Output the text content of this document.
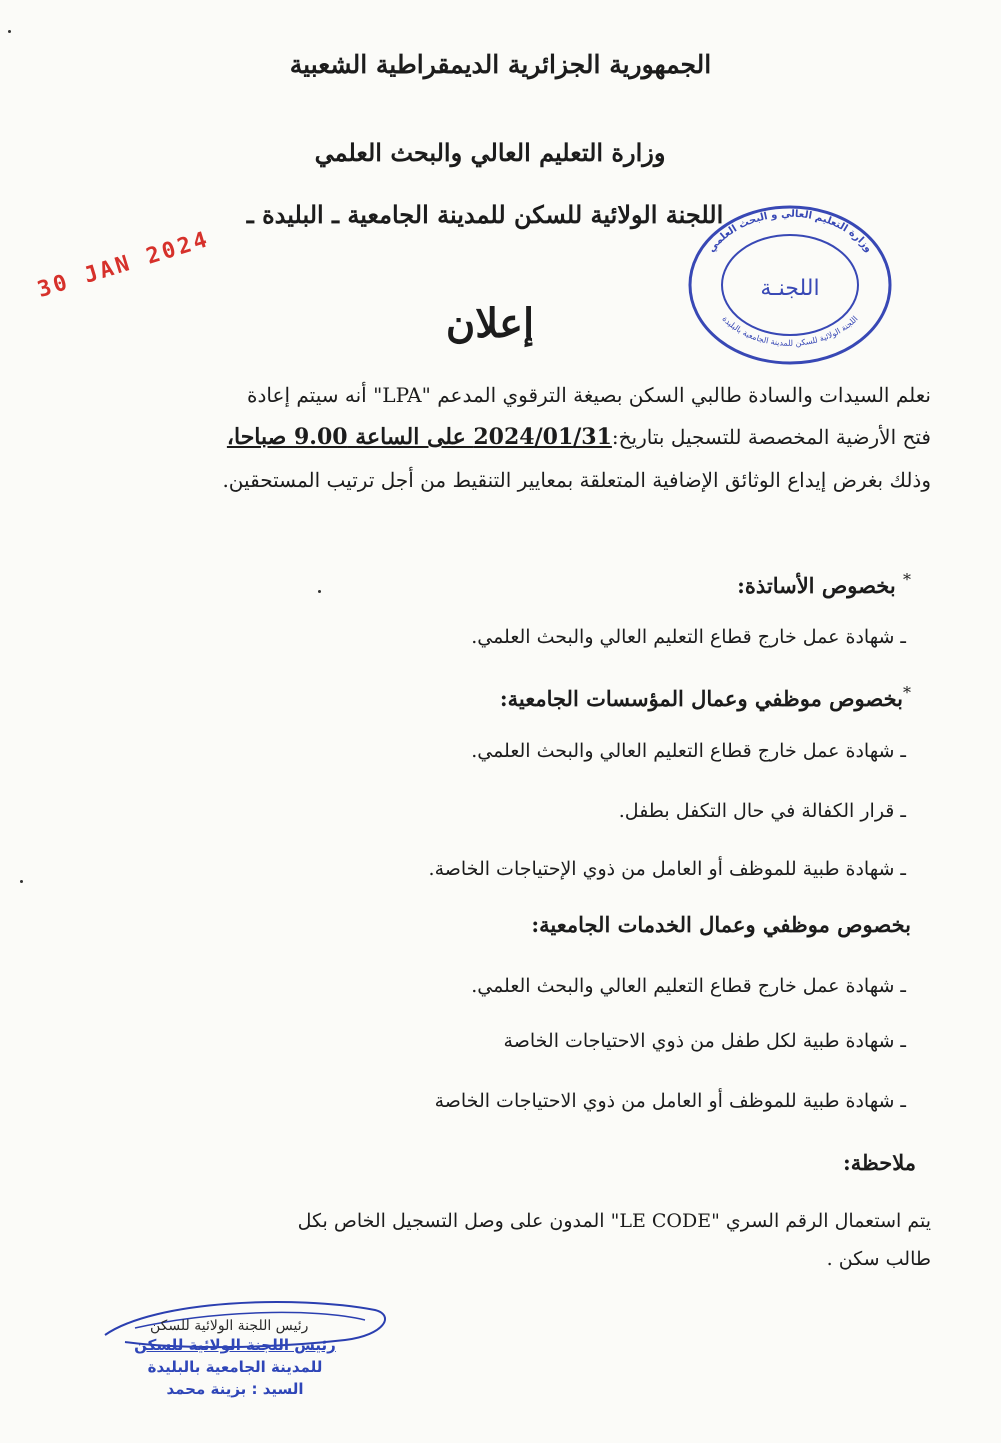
الجمهورية الجزائرية الديمقراطية الشعبية
وزارة التعليم العالي والبحث العلمي
اللجنة الولائية للسكن للمدينة الجامعية ـ البليدة ـ
30 JAN 2024	وزارة التعليم العالي و البحث العلمي
اللجنة الولائية للسكن للمدينة الجامعية بالبليدة
اللجنـة
إعلان
نعلم السيدات والسادة طالبي السكن بصيغة الترقوي المدعم "LPA" أنه سيتم إعادة
فتح الأرضية المخصصة للتسجيل بتاريخ:2024/01/31 على الساعة 9.00 صباحا،
وذلك بغرض إيداع الوثائق الإضافية المتعلقة بمعايير التنقيط من أجل ترتيب المستحقين.
* بخصوص الأساتذة:
ـ شهادة عمل خارج قطاع التعليم العالي والبحث العلمي.
*بخصوص موظفي وعمال المؤسسات الجامعية:
ـ شهادة عمل خارج قطاع التعليم العالي والبحث العلمي.
ـ قرار الكفالة في حال التكفل بطفل.
ـ شهادة طبية للموظف أو العامل من ذوي الإحتياجات الخاصة.
بخصوص موظفي وعمال الخدمات الجامعية:
ـ شهادة عمل خارج قطاع التعليم العالي والبحث العلمي.
ـ شهادة طبية لكل طفل من ذوي الاحتياجات الخاصة
ـ شهادة طبية للموظف أو العامل من ذوي الاحتياجات الخاصة
ملاحظة:
يتم استعمال الرقم السري "LE CODE" المدون على وصل التسجيل الخاص بكل
طالب سكن .
رئيس اللجنة الولائية للسكن
رئيس اللجنة الولائية للسكن
للمدينة الجامعية بالبليدة
السيد : بزينة محمد
